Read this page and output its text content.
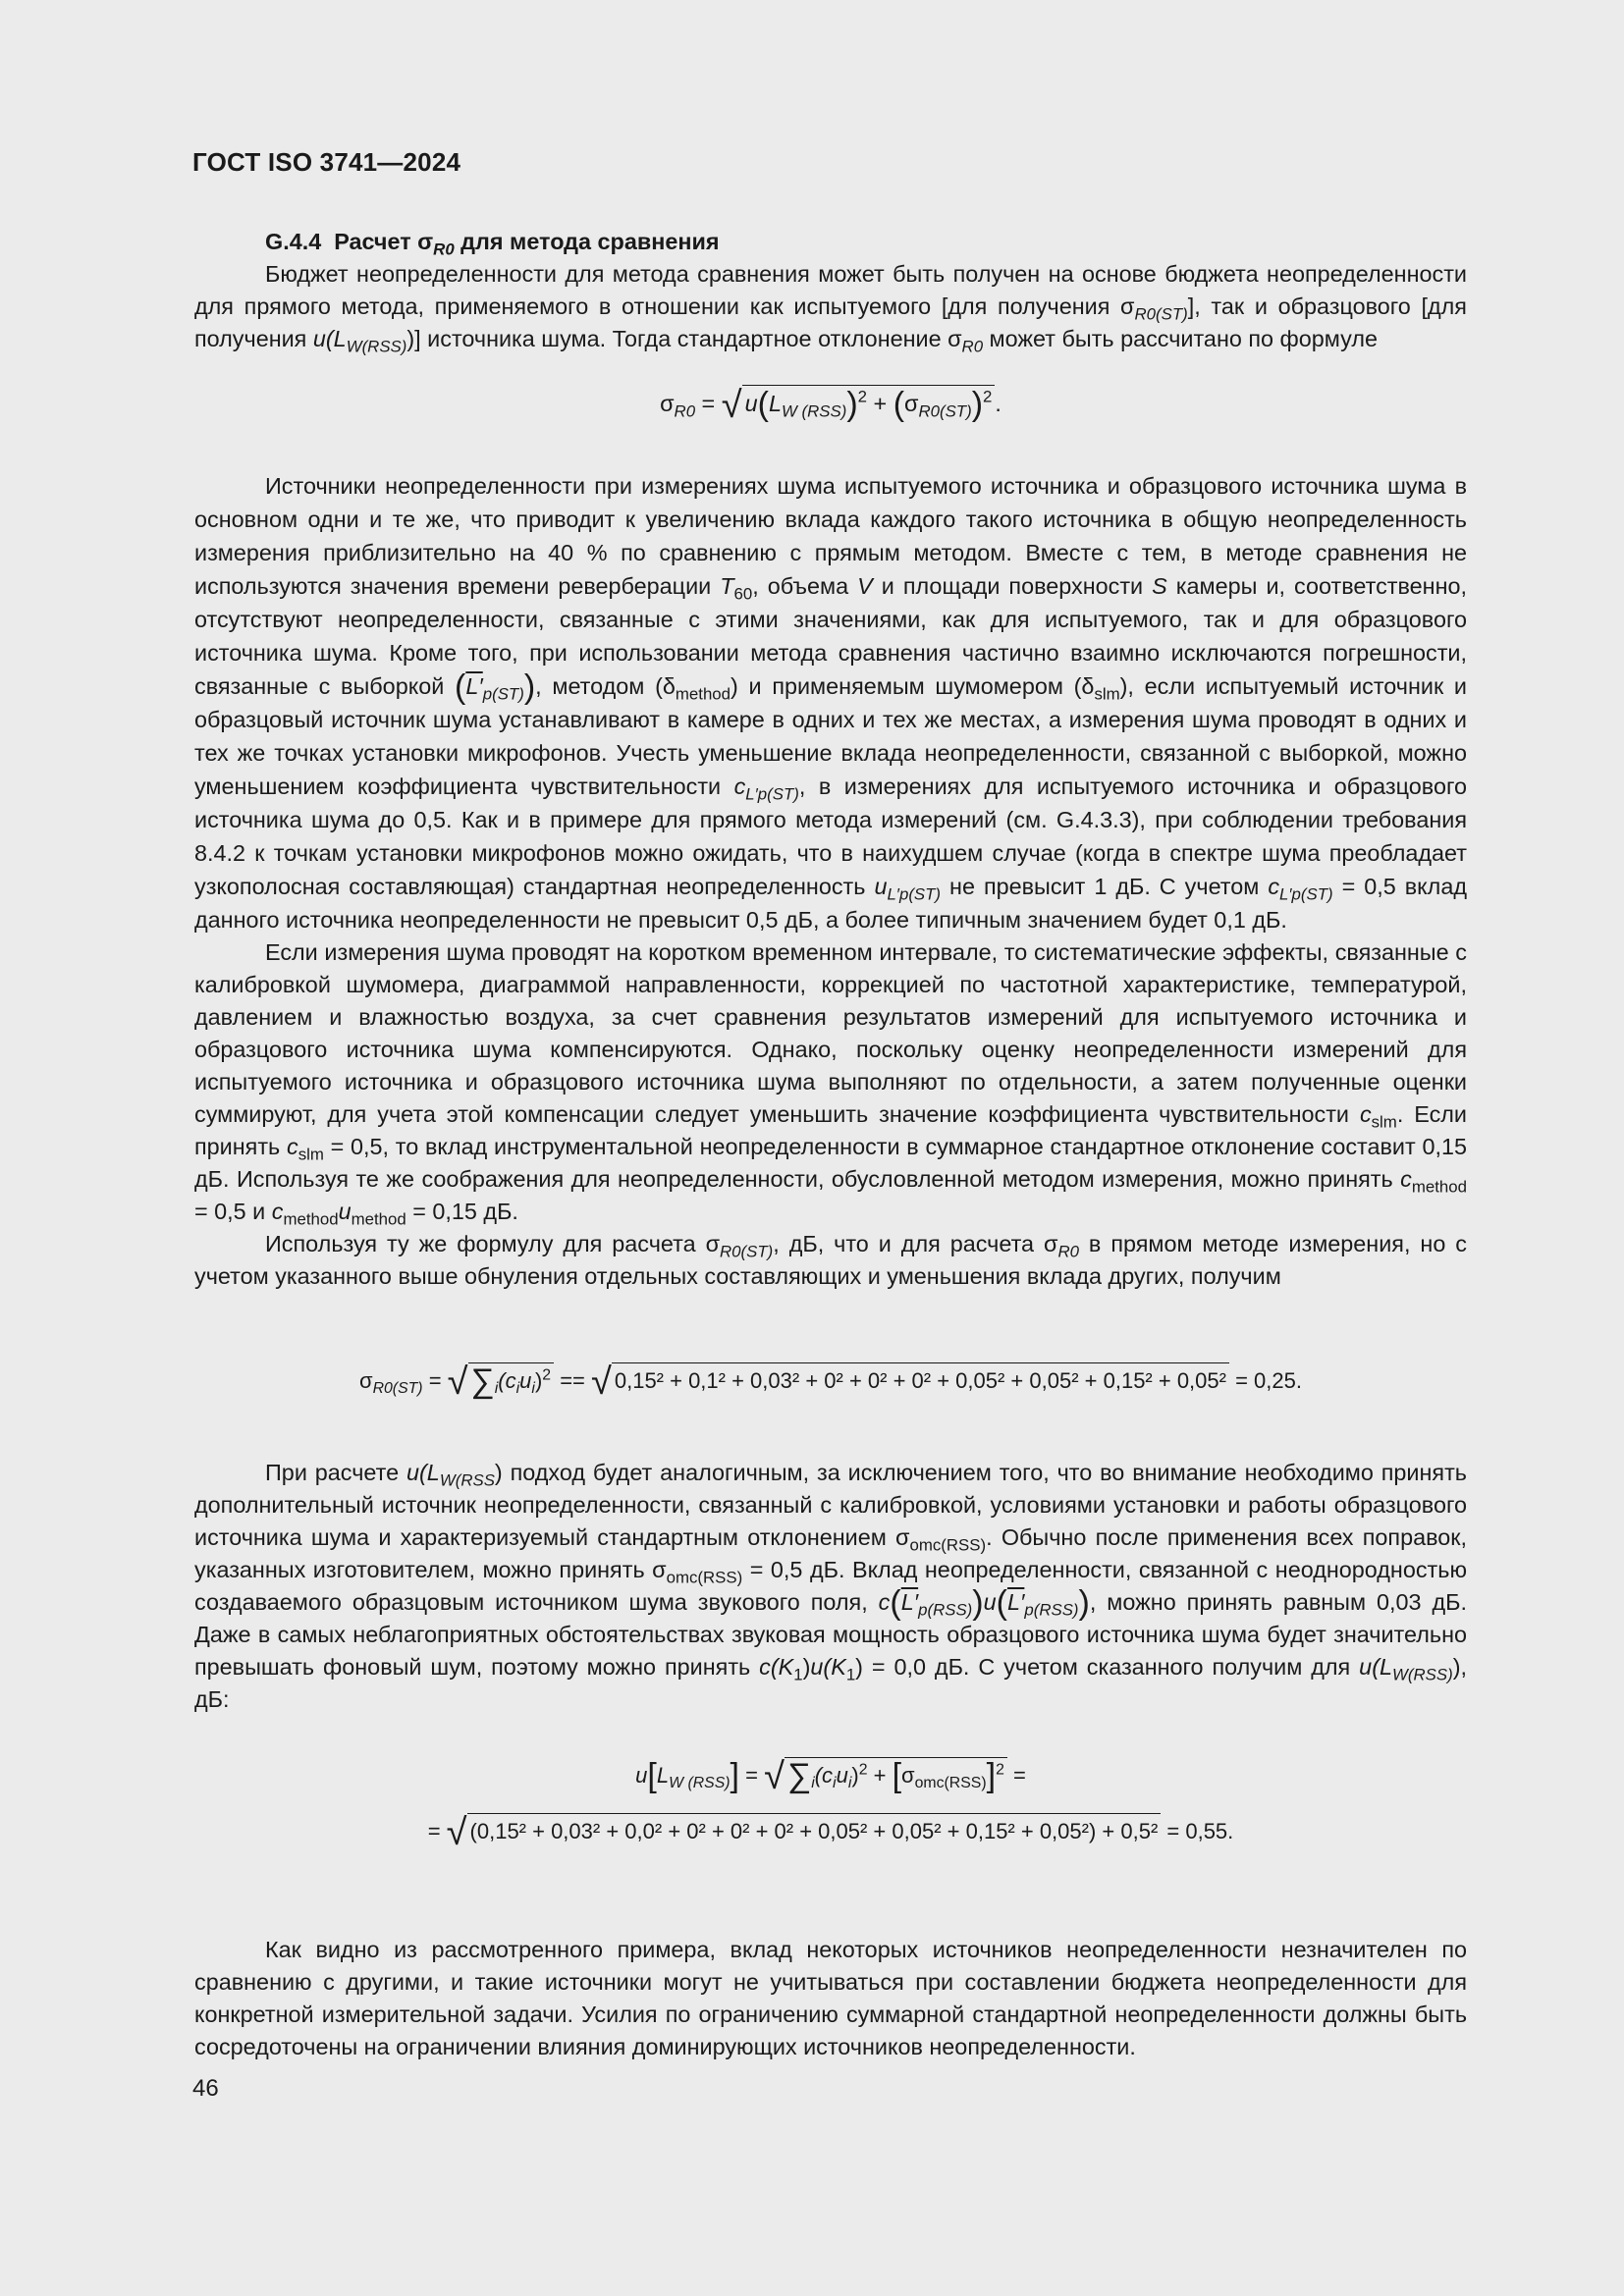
ГОСТ ISO 3741—2024

G.4.4 Расчет $\sigma_{R0}$ для метода сравнения

Бюджет неопределенности для метода сравнения может быть получен на основе бюджета неопределенности для прямого метода, применяемого в отношении как испытуемого [для получения $\sigma_{R0(ST)}$], так и образцового [для получения $u(L_{W(RSS)})$] источника шума. Тогда стандартное отклонение $\sigma_{R0}$ может быть рассчитано по формуле

$\sigma_{R0}$ = √ $u(L_{W (RSS)})^2 + (\sigma_{R0(ST)})^2$ .

Источники неопределенности при измерениях шума испытуемого источника и образцового источника шума в основном одни и те же, что приводит к увеличению вклада каждого такого источника в общую неопределенность измерения приблизительно на 40 % по сравнению с прямым методом. Вместе с тем, в методе сравнения не используются значения времени реверберации $T_{60}$, объема V и площади поверхности S камеры и, соответственно, отсутствуют неопределенности, связанные с этими значениями, как для испытуемого, так и для образцового источника шума. Кроме того, при использовании метода сравнения частично взаимно исключаются погрешности, связанные с выборкой $(L'_{p(ST)})$, методом $(\delta_{method})$ и применяемым шумомером $(\delta_{slm})$, если испытуемый источник и образцовый источник шума устанавливают в камере в одних и тех же местах, а измерения шума проводят в одних и тех же точках установки микрофонов. Учесть уменьшение вклада неопределенности, связанной с выборкой, можно уменьшением коэффициента чувствительности $c_{L'p(ST)}$, в измерениях для испытуемого источника и образцового источника шума до 0,5. Как и в примере для прямого метода измерений (см. G.4.3.3), при соблюдении требования 8.4.2 к точкам установки микрофонов можно ожидать, что в наихудшем случае (когда в спектре шума преобладает узкополосная составляющая) стандартная неопределенность $u_{L'p(ST)}$ не превысит 1 дБ. С учетом $c_{L'p(ST)} = 0,5$ вклад данного источника неопределенности не превысит 0,5 дБ, а более типичным значением будет 0,1 дБ.

Если измерения шума проводят на коротком временном интервале, то систематические эффекты, связанные с калибровкой шумомера, диаграммой направленности, коррекцией по частотной характеристике, температурой, давлением и влажностью воздуха, за счет сравнения результатов измерений для испытуемого источника и образцового источника шума компенсируются. Однако, поскольку оценку неопределенности измерений для испытуемого источника и образцового источника шума выполняют по отдельности, а затем полученные оценки суммируют, для учета этой компенсации следует уменьшить значение коэффициента чувствительности $c_{slm}$. Если принять $c_{slm} = 0,5$, то вклад инструментальной неопределенности в суммарное стандартное отклонение составит 0,15 дБ. Используя те же соображения для неопределенности, обусловленной методом измерения, можно принять $c_{method} = 0,5$ и $c_{method}u_{method} = 0,15$ дБ.

Используя ту же формулу для расчета $\sigma_{R0(ST)}$, дБ, что и для расчета $\sigma_{R0}$ в прямом методе измерения, но с учетом указанного выше обнуления отдельных составляющих и уменьшения вклада других, получим

$\sigma_{R0(ST)} = √\sum_i(c_iu_i)^2$ == √ 0,15² + 0,1² + 0,03² + 0² + 0² + 0² + 0,05² + 0,05² + 0,15² + 0,05² = 0,25.

При расчете $u(L_{W(RSS})$ подход будет аналогичным, за исключением того, что во внимание необходимо принять дополнительный источник неопределенности, связанный с калибровкой, условиями установки и работы образцового источника шума и характеризуемый стандартным отклонением $\sigma_{omc(RSS)}$. Обычно после применения всех поправок, указанных изготовителем, можно принять $\sigma_{omc(RSS)} = 0,5$ дБ. Вклад неопределенности, связанной с неоднородностью создаваемого образцовым источником шума звукового поля, $c(L'_{p(RSS)})u(L'_{p(RSS)})$, можно принять равным 0,03 дБ. Даже в самых неблагоприятных обстоятельствах звуковая мощность образцового источника шума будет значительно превышать фоновый шум, поэтому можно принять $c(K_1)u(K_1) = 0,0$ дБ. С учетом сказанного получим для $u(L_{W(RSS)})$, дБ:

$u[L_{W (RSS)}] = √\sum_i(c_iu_i)^2 + [\sigma_{omc(RSS)}]^2$ =

= √ (0,15² + 0,03² + 0,0² + 0² + 0² + 0² + 0,05² + 0,05² + 0,15² + 0,05²) + 0,5² = 0,55.

Как видно из рассмотренного примера, вклад некоторых источников неопределенности незначителен по сравнению с другими, и такие источники могут не учитываться при составлении бюджета неопределенности для конкретной измерительной задачи. Усилия по ограничению суммарной стандартной неопределенности должны быть сосредоточены на ограничении влияния доминирующих источников неопределенности.

46
